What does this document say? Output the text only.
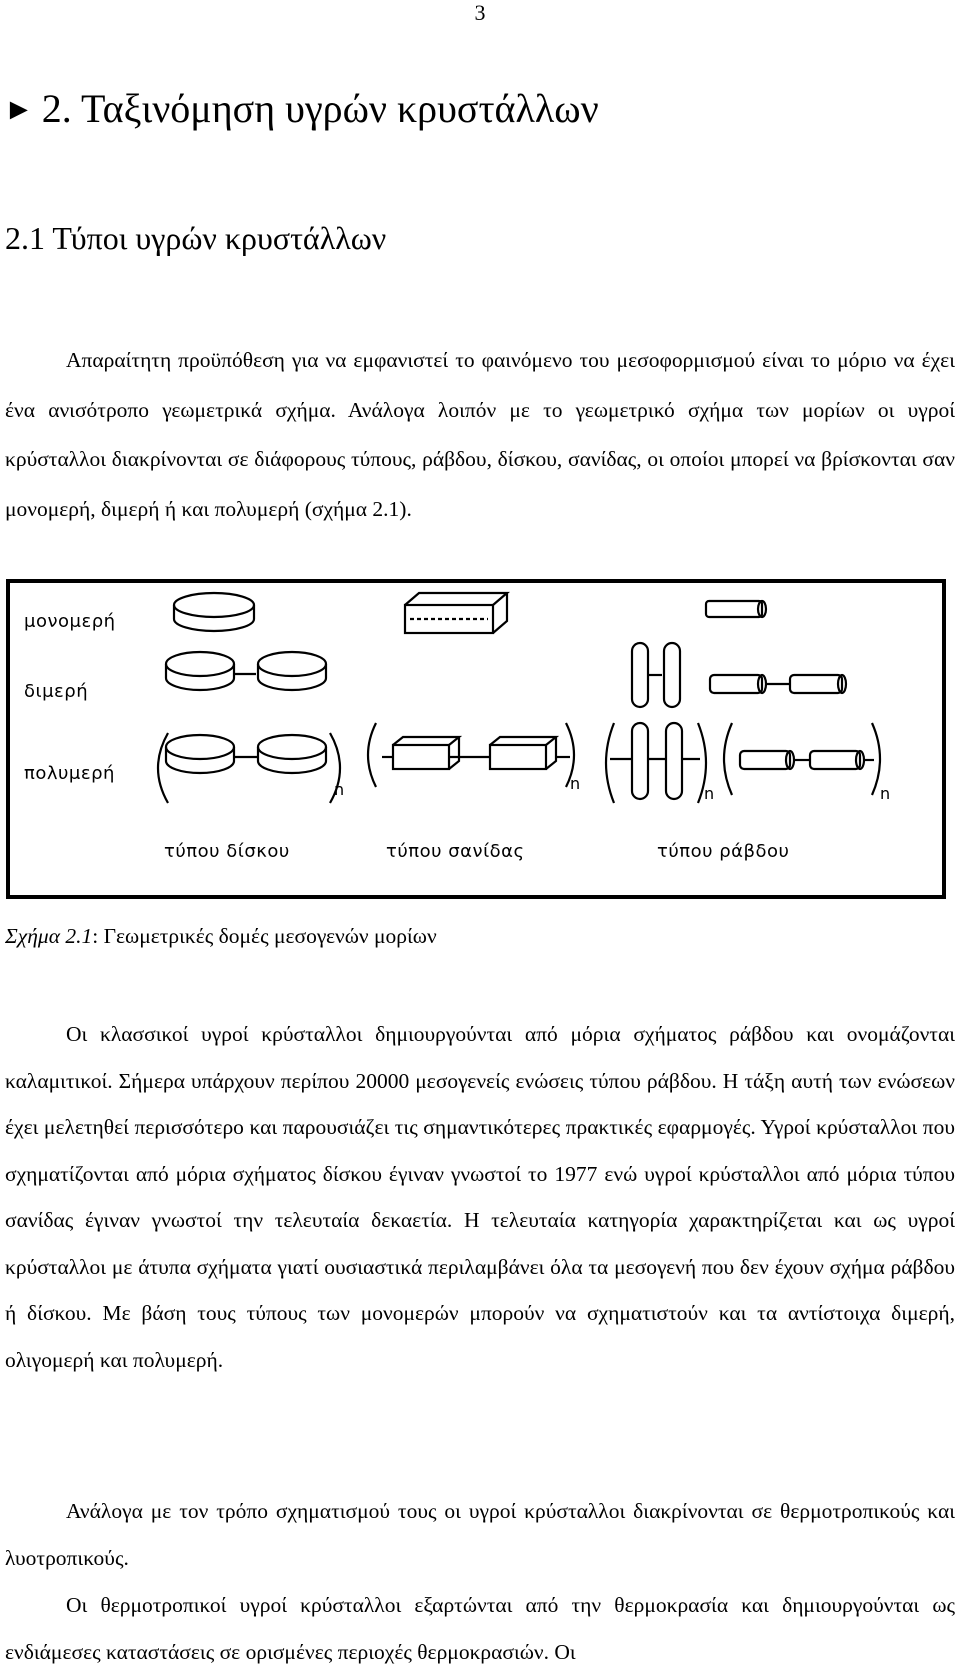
3
► 2. Ταξινόμηση υγρών κρυστάλλων
2.1 Τύποι υγρών κρυστάλλων

Απαραίτητη προϋπόθεση για να εμφανιστεί το φαινόμενο του μεσοφορμισμού είναι το μόριο να έχει ένα ανισότροπο γεωμετρικά σχήμα. Ανάλογα λοιπόν με το γεωμετρικό σχήμα των μορίων οι υγροί κρύσταλλοι διακρίνονται σε διάφορους τύπους, ράβδου, δίσκου, σανίδας, οι οποίοι μπορεί να βρίσκονται σαν μονομερή, διμερή ή και πολυμερή (σχήμα 2.1).

μονομερή
διμερή
πολυμερή
n	n
n	n
τύπου δίσκου	τύπου σανίδας	τύπου ράβδου
Σχήμα 2.1: Γεωμετρικές δομές μεσογενών μορίων

Οι κλασσικοί υγροί κρύσταλλοι δημιουργούνται από μόρια σχήματος ράβδου και ονομάζονται καλαμιτικοί. Σήμερα υπάρχουν περίπου 20000 μεσογενείς ενώσεις τύπου ράβδου. Η τάξη αυτή των ενώσεων έχει μελετηθεί περισσότερο και παρουσιάζει τις σημαντικότερες πρακτικές εφαρμογές. Υγροί κρύσταλλοι που σχηματίζονται από μόρια σχήματος δίσκου έγιναν γνωστοί το 1977 ενώ υγροί κρύσταλλοι από μόρια τύπου σανίδας έγιναν γνωστοί την τελευταία δεκαετία. Η τελευταία κατηγορία χαρακτηρίζεται και ως υγροί κρύσταλλοι με άτυπα σχήματα γιατί ουσιαστικά περιλαμβάνει όλα τα μεσογενή που δεν έχουν σχήμα ράβδου ή δίσκου. Με βάση τους τύπους των μονομερών μπορούν να σχηματιστούν και τα αντίστοιχα διμερή, ολιγομερή και πολυμερή.

Ανάλογα με τον τρόπο σχηματισμού τους οι υγροί κρύσταλλοι διακρίνονται σε θερμοτροπικούς και λυοτροπικούς.

Οι θερμοτροπικοί υγροί κρύσταλλοι εξαρτώνται από την θερμοκρασία και δημιουργούνται ως ενδιάμεσες καταστάσεις σε ορισμένες περιοχές θερμοκρασιών. Οι
